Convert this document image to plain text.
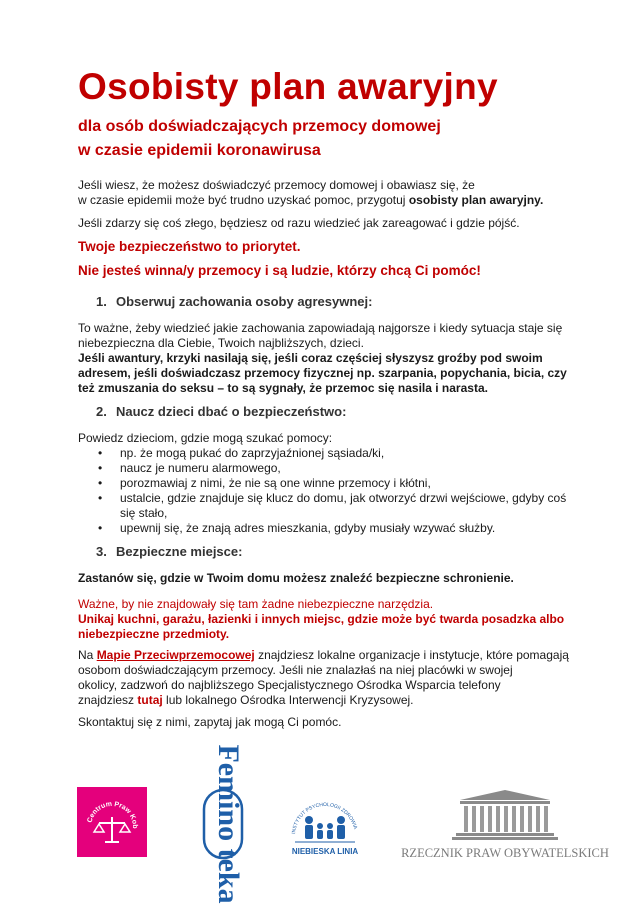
Osobisty plan awaryjny
dla osób doświadczających przemocy domowej
w czasie epidemii koronawirusa
Jeśli wiesz, że możesz doświadczyć przemocy domowej i obawiasz się, że
w czasie epidemii może być trudno uzyskać pomoc, przygotuj osobisty plan awaryjny.
Jeśli zdarzy się coś złego, będziesz od razu wiedzieć jak zareagować i gdzie pójść.
Twoje bezpieczeństwo to priorytet.
Nie jesteś winna/y przemocy i są ludzie, którzy chcą Ci pomóc!
1. Obserwuj zachowania osoby agresywnej:
To ważne, żeby wiedzieć jakie zachowania zapowiadają najgorsze i kiedy sytuacja staje się
niebezpieczna dla Ciebie, Twoich najbliższych, dzieci.
Jeśli awantury, krzyki nasilają się, jeśli coraz częściej słyszysz groźby pod swoim
adresem, jeśli doświadczasz przemocy fizycznej np. szarpania, popychania, bicia, czy
też zmuszania do seksu – to są sygnały, że przemoc się nasila i narasta.
2. Naucz dzieci dbać o bezpieczeństwo:
Powiedz dzieciom, gdzie mogą szukać pomocy:
• np. że mogą pukać do zaprzyjaźnionej sąsiada/ki,
• naucz je numeru alarmowego,
• porozmawiaj z nimi, że nie są one winne przemocy i kłótni,
• ustalcie, gdzie znajduje się klucz do domu, jak otworzyć drzwi wejściowe, gdyby coś
się stało,
• upewnij się, że znają adres mieszkania, gdyby musiały wzywać służby.
3. Bezpieczne miejsce:
Zastanów się, gdzie w Twoim domu możesz znaleźć bezpieczne schronienie.
Ważne, by nie znajdowały się tam żadne niebezpieczne narzędzia.
Unikaj kuchni, garażu, łazienki i innych miejsc, gdzie może być twarda posadzka albo
niebezpieczne przedmioty.
Na Mapie Przeciwprzemocowej znajdziesz lokalne organizacje i instytucje, które pomagają
osobom doświadczającym przemocy. Jeśli nie znalazłaś na niej placówki w swojej
okolicy, zadzwoń do najbliższego Specjalistycznego Ośrodka Wsparcia telefony
znajdziesz tutaj lub lokalnego Ośrodka Interwencji Kryzysowej.
Skontaktuj się z nimi, zapytaj jak mogą Ci pomóc.
Centrum Praw Kob Femino teka	INSTYTUT PSYCHOLOGII ZDROWIA
NIEBIESKA LINIA	RZECZNIK PRAW OBYWATELSKICH
